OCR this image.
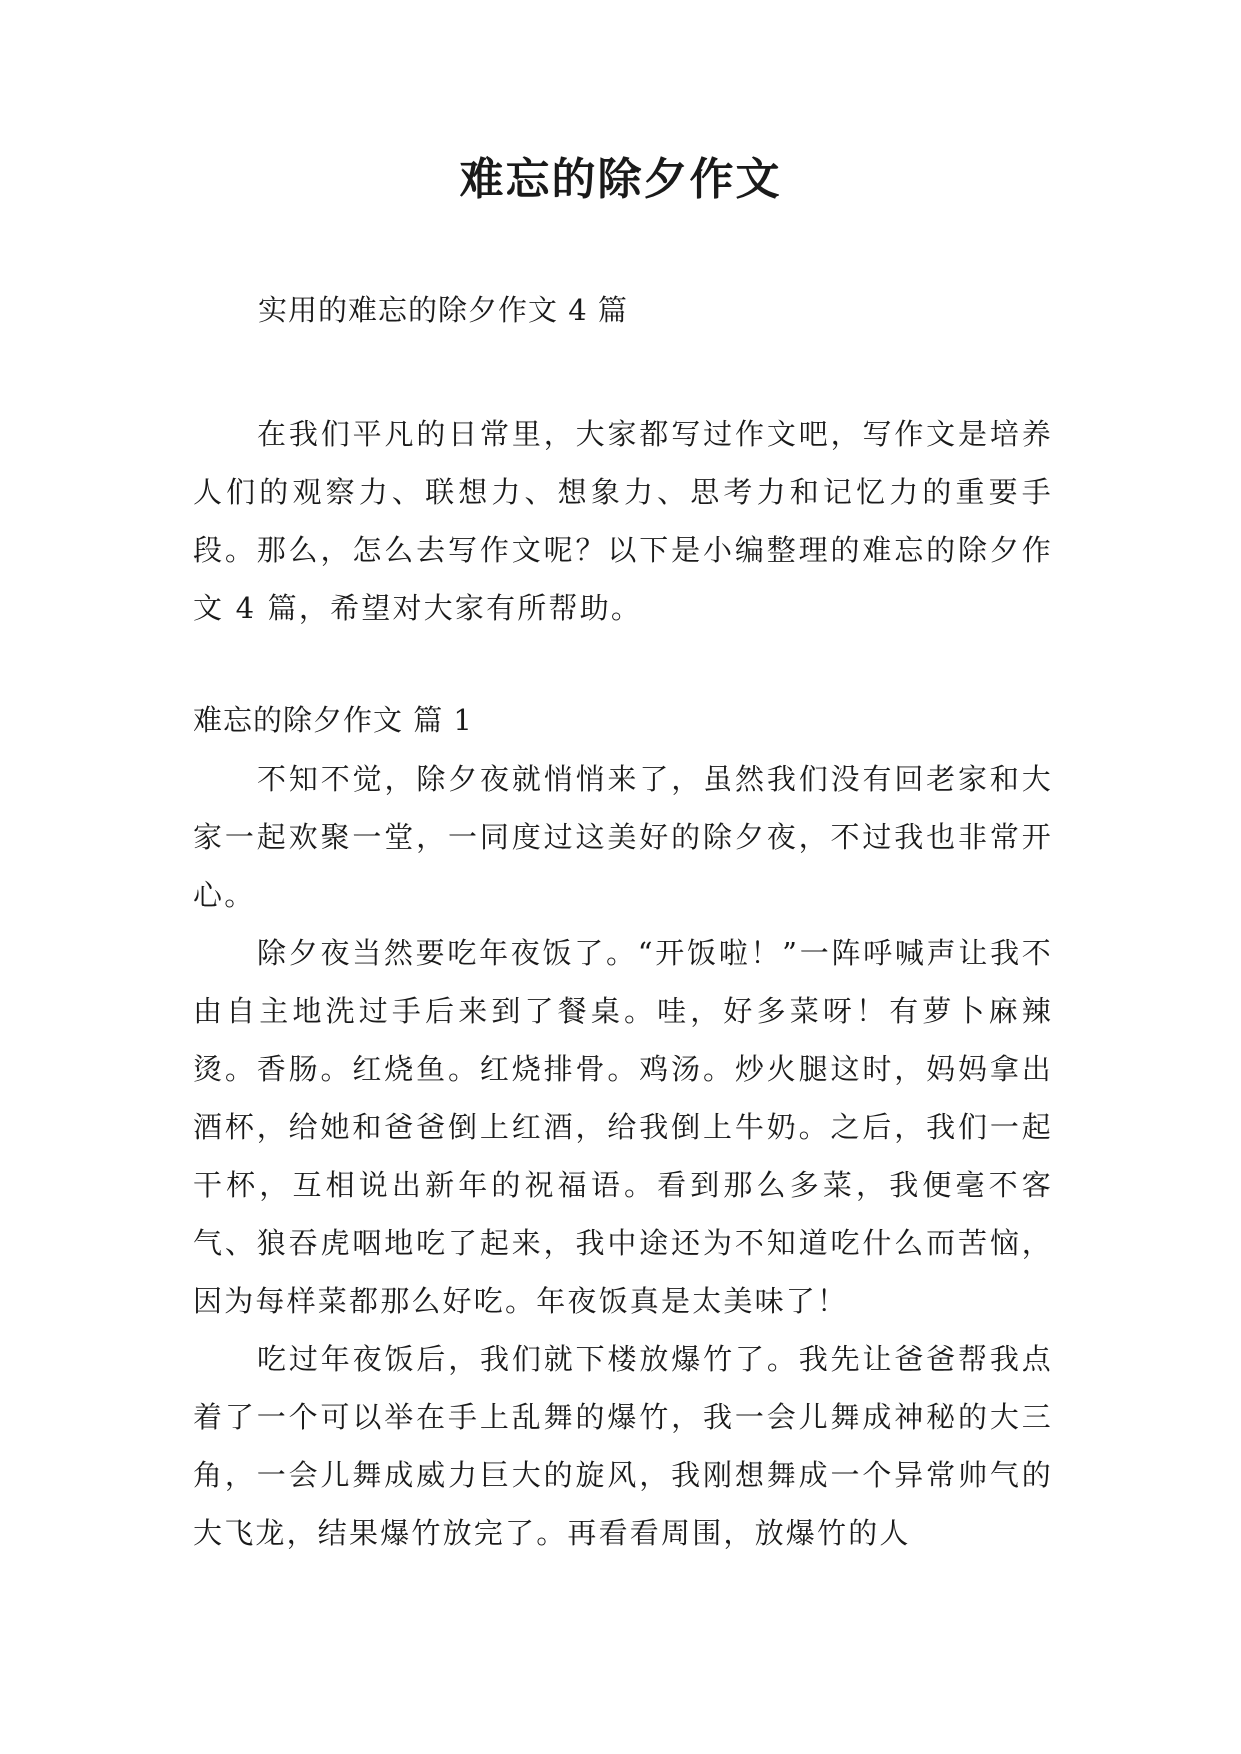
难忘的除夕作文

实用的难忘的除夕作文 4 篇

在我们平凡的日常里，大家都写过作文吧，写作文是培养人们的观察力、联想力、想象力、思考力和记忆力的重要手段。那么，怎么去写作文呢？以下是小编整理的难忘的除夕作文 4 篇，希望对大家有所帮助。

难忘的除夕作文 篇 1

不知不觉，除夕夜就悄悄来了，虽然我们没有回老家和大家一起欢聚一堂，一同度过这美好的除夕夜，不过我也非常开心。

除夕夜当然要吃年夜饭了。“开饭啦！”一阵呼喊声让我不由自主地洗过手后来到了餐桌。哇，好多菜呀！有萝卜麻辣烫。香肠。红烧鱼。红烧排骨。鸡汤。炒火腿这时，妈妈拿出酒杯，给她和爸爸倒上红酒，给我倒上牛奶。之后，我们一起干杯，互相说出新年的祝福语。看到那么多菜，我便毫不客气、狼吞虎咽地吃了起来，我中途还为不知道吃什么而苦恼，因为每样菜都那么好吃。年夜饭真是太美味了！

吃过年夜饭后，我们就下楼放爆竹了。我先让爸爸帮我点着了一个可以举在手上乱舞的爆竹，我一会儿舞成神秘的大三角，一会儿舞成威力巨大的旋风，我刚想舞成一个异常帅气的大飞龙，结果爆竹放完了。再看看周围，放爆竹的人
